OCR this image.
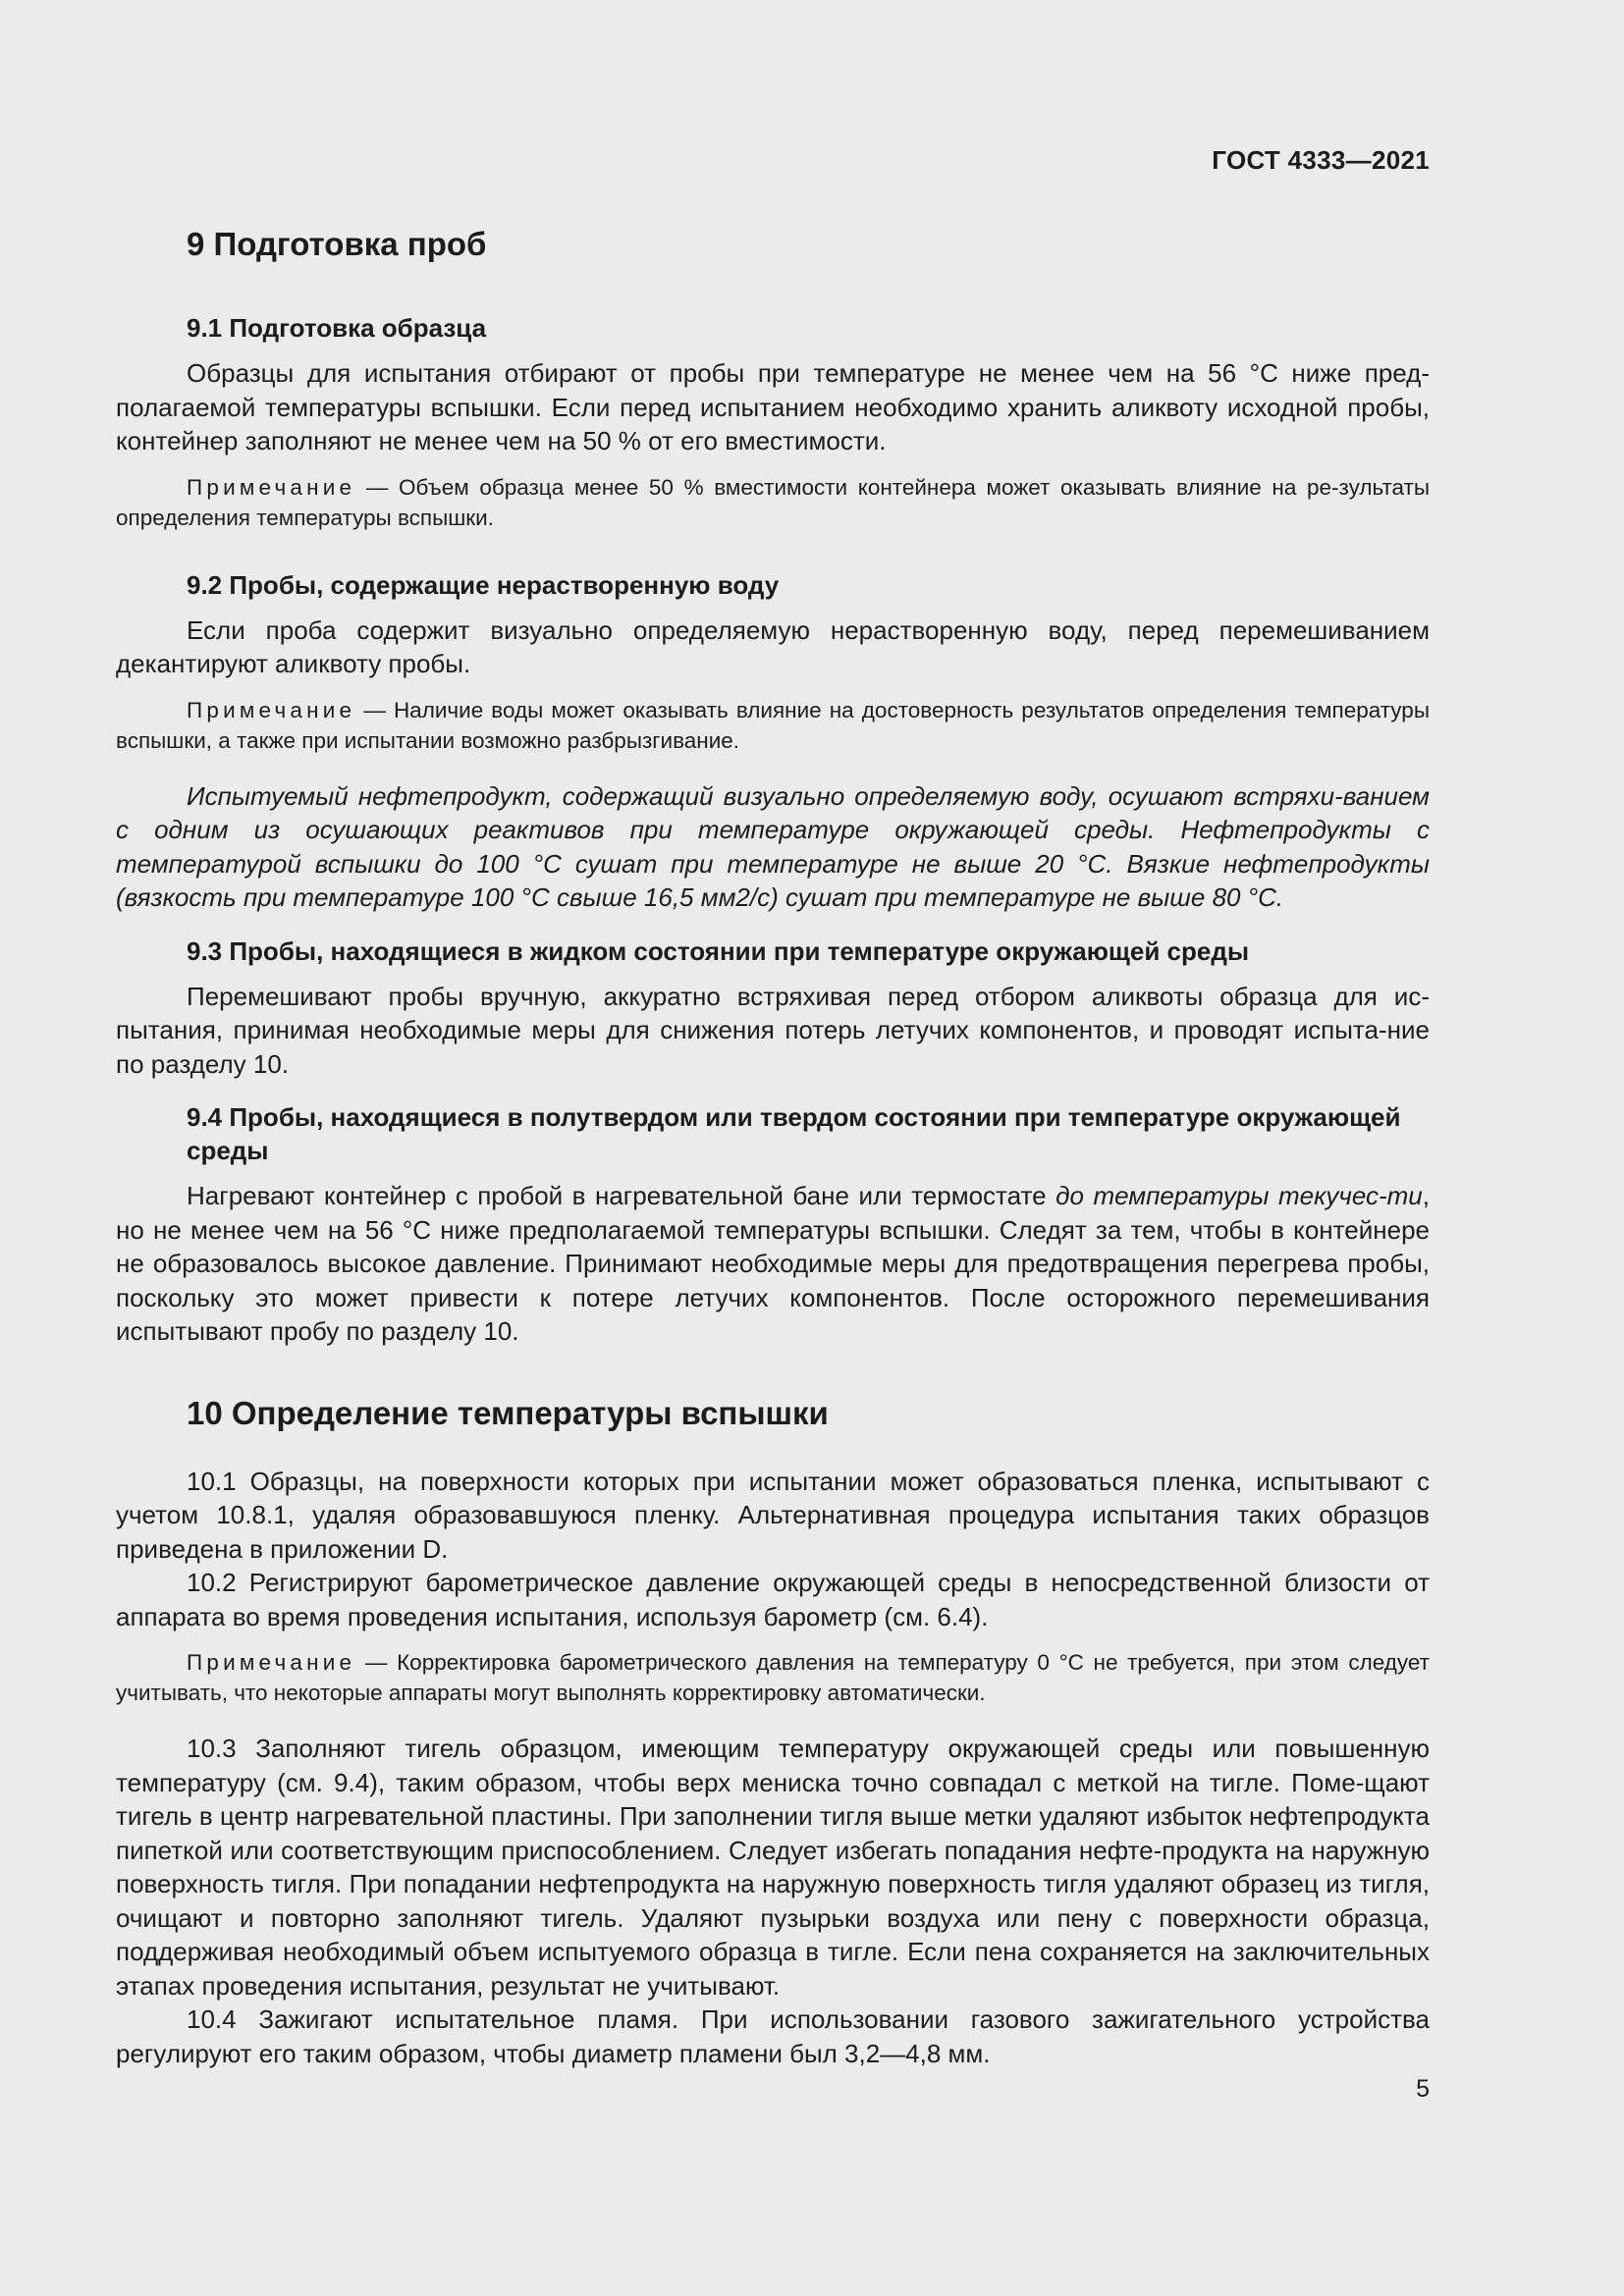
ГОСТ 4333—2021
9 Подготовка проб
9.1 Подготовка образца

Образцы для испытания отбирают от пробы при температуре не менее чем на 56 °С ниже пред-полагаемой температуры вспышки. Если перед испытанием необходимо хранить аликвоту исходной пробы, контейнер заполняют не менее чем на 50 % от его вместимости.

Примечание — Объем образца менее 50 % вместимости контейнера может оказывать влияние на ре-зультаты определения температуры вспышки.

9.2 Пробы, содержащие нерастворенную воду

Если проба содержит визуально определяемую нерастворенную воду, перед перемешиванием декантируют аликвоту пробы.

Примечание — Наличие воды может оказывать влияние на достоверность результатов определения температуры вспышки, а также при испытании возможно разбрызгивание.

Испытуемый нефтепродукт, содержащий визуально определяемую воду, осушают встряхи-ванием с одним из осушающих реактивов при температуре окружающей среды. Нефтепродукты с температурой вспышки до 100 °С сушат при температуре не выше 20 °С. Вязкие нефтепродукты (вязкость при температуре 100 °С свыше 16,5 мм2/с) сушат при температуре не выше 80 °С.

9.3 Пробы, находящиеся в жидком состоянии при температуре окружающей среды

Перемешивают пробы вручную, аккуратно встряхивая перед отбором аликвоты образца для ис-пытания, принимая необходимые меры для снижения потерь летучих компонентов, и проводят испыта-ние по разделу 10.

9.4 Пробы, находящиеся в полутвердом или твердом состоянии при температуре окружающей среды

Нагревают контейнер с пробой в нагревательной бане или термостате до температуры текучес-ти, но не менее чем на 56 °С ниже предполагаемой температуры вспышки. Следят за тем, чтобы в контейнере не образовалось высокое давление. Принимают необходимые меры для предотвращения перегрева пробы, поскольку это может привести к потере летучих компонентов. После осторожного перемешивания испытывают пробу по разделу 10.

10 Определение температуры вспышки

10.1 Образцы, на поверхности которых при испытании может образоваться пленка, испытывают с учетом 10.8.1, удаляя образовавшуюся пленку. Альтернативная процедура испытания таких образцов приведена в приложении D.

10.2 Регистрируют барометрическое давление окружающей среды в непосредственной близости от аппарата во время проведения испытания, используя барометр (см. 6.4).

Примечание — Корректировка барометрического давления на температуру 0 °С не требуется, при этом следует учитывать, что некоторые аппараты могут выполнять корректировку автоматически.

10.3 Заполняют тигель образцом, имеющим температуру окружающей среды или повышенную температуру (см. 9.4), таким образом, чтобы верх мениска точно совпадал с меткой на тигле. Поме-щают тигель в центр нагревательной пластины. При заполнении тигля выше метки удаляют избыток нефтепродукта пипеткой или соответствующим приспособлением. Следует избегать попадания нефте-продукта на наружную поверхность тигля. При попадании нефтепродукта на наружную поверхность тигля удаляют образец из тигля, очищают и повторно заполняют тигель. Удаляют пузырьки воздуха или пену с поверхности образца, поддерживая необходимый объем испытуемого образца в тигле. Если пена сохраняется на заключительных этапах проведения испытания, результат не учитывают.

10.4 Зажигают испытательное пламя. При использовании газового зажигательного устройства регулируют его таким образом, чтобы диаметр пламени был 3,2—4,8 мм.

5
